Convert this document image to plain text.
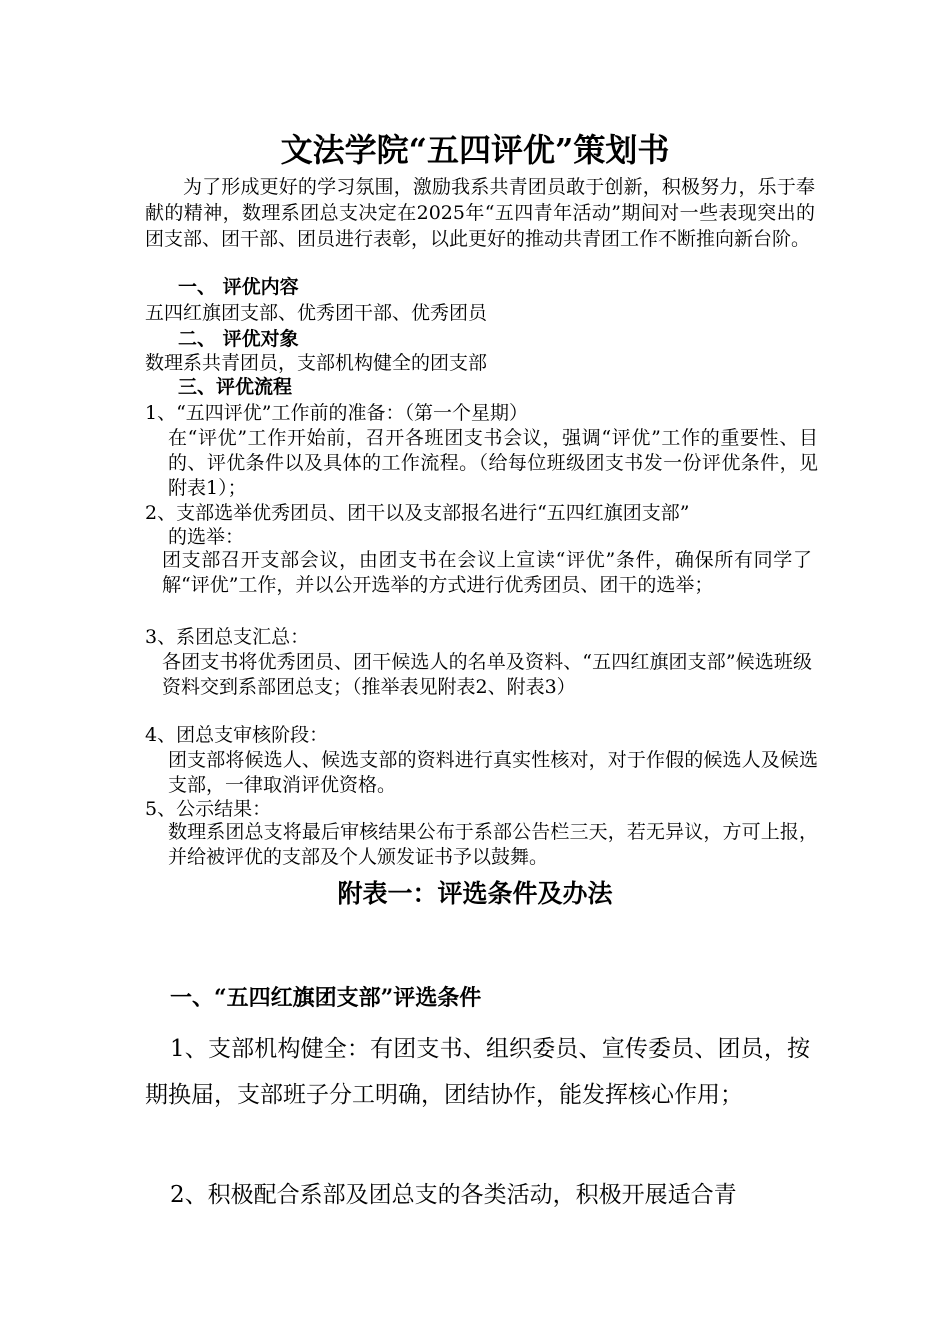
文法学院“五四评优”策划书
为了形成更好的学习氛围，激励我系共青团员敢于创新，积极努力，乐于奉献的精神，数理系团总支决定在2025年“五四青年活动”期间对一些表现突出的团支部、团干部、团员进行表彰，以此更好的推动共青团工作不断推向新台阶。
一、 评优内容
五四红旗团支部、优秀团干部、优秀团员
二、 评优对象
数理系共青团员，支部机构健全的团支部
三、评优流程
1、“五四评优”工作前的准备：（第一个星期）
在“评优”工作开始前，召开各班团支书会议，强调“评优”工作的重要性、目的、评优条件以及具体的工作流程。（给每位班级团支书发一份评优条件，见附表1）；
2、支部选举优秀团员、团干以及支部报名进行“五四红旗团支部”
的选举：
团支部召开支部会议，由团支书在会议上宣读“评优”条件，确保所有同学了解“评优”工作，并以公开选举的方式进行优秀团员、团干的选举；
3、系团总支汇总：
各团支书将优秀团员、团干候选人的名单及资料、“五四红旗团支部”候选班级资料交到系部团总支；（推举表见附表2、附表3）
4、团总支审核阶段：
团支部将候选人、候选支部的资料进行真实性核对，对于作假的候选人及候选支部，一律取消评优资格。
5、公示结果：
数理系团总支将最后审核结果公布于系部公告栏三天，若无异议，方可上报，并给被评优的支部及个人颁发证书予以鼓舞。
附表一：评选条件及办法
一、“五四红旗团支部”评选条件
1、支部机构健全：有团支书、组织委员、宣传委员、团员，按期换届，支部班子分工明确，团结协作，能发挥核心作用；
2、积极配合系部及团总支的各类活动，积极开展适合青
